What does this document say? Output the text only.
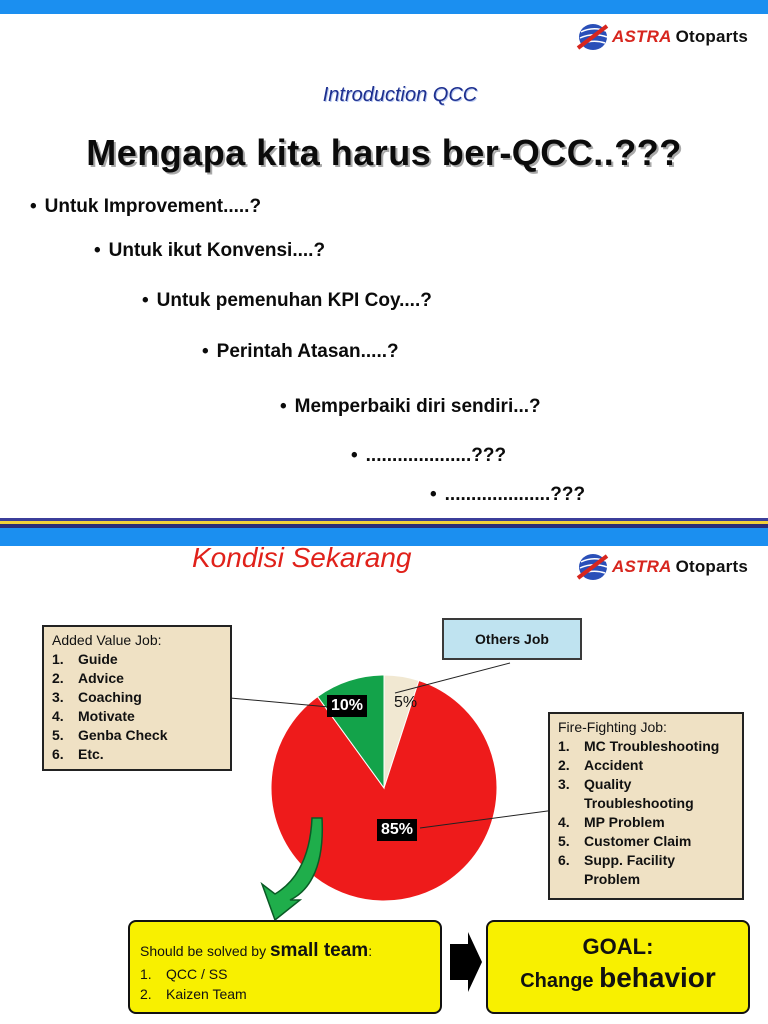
ASTRA Otoparts
Introduction QCC
Mengapa kita harus ber-QCC..???
• Untuk Improvement.....?
• Untuk ikut Konvensi....?
• Untuk pemenuhan KPI Coy....?
• Perintah Atasan.....?
• Memperbaiki diri sendiri...?
• ....................???
• ....................???
Kondisi Sekarang	ASTRA Otoparts
Added Value Job:
1. Guide
2. Advice
3. Coaching
4. Motivate
5. Genba Check
6. Etc.
Others Job
Fire-Fighting Job:
1. MC Troubleshooting
2. Accident
3. Quality Troubleshooting
4. MP Problem
5. Customer Claim
6. Supp. Facility Problem
10% 5%
85%
Should be solved by small team:
1. QCC / SS
2. Kaizen Team
GOAL:
Change behavior
